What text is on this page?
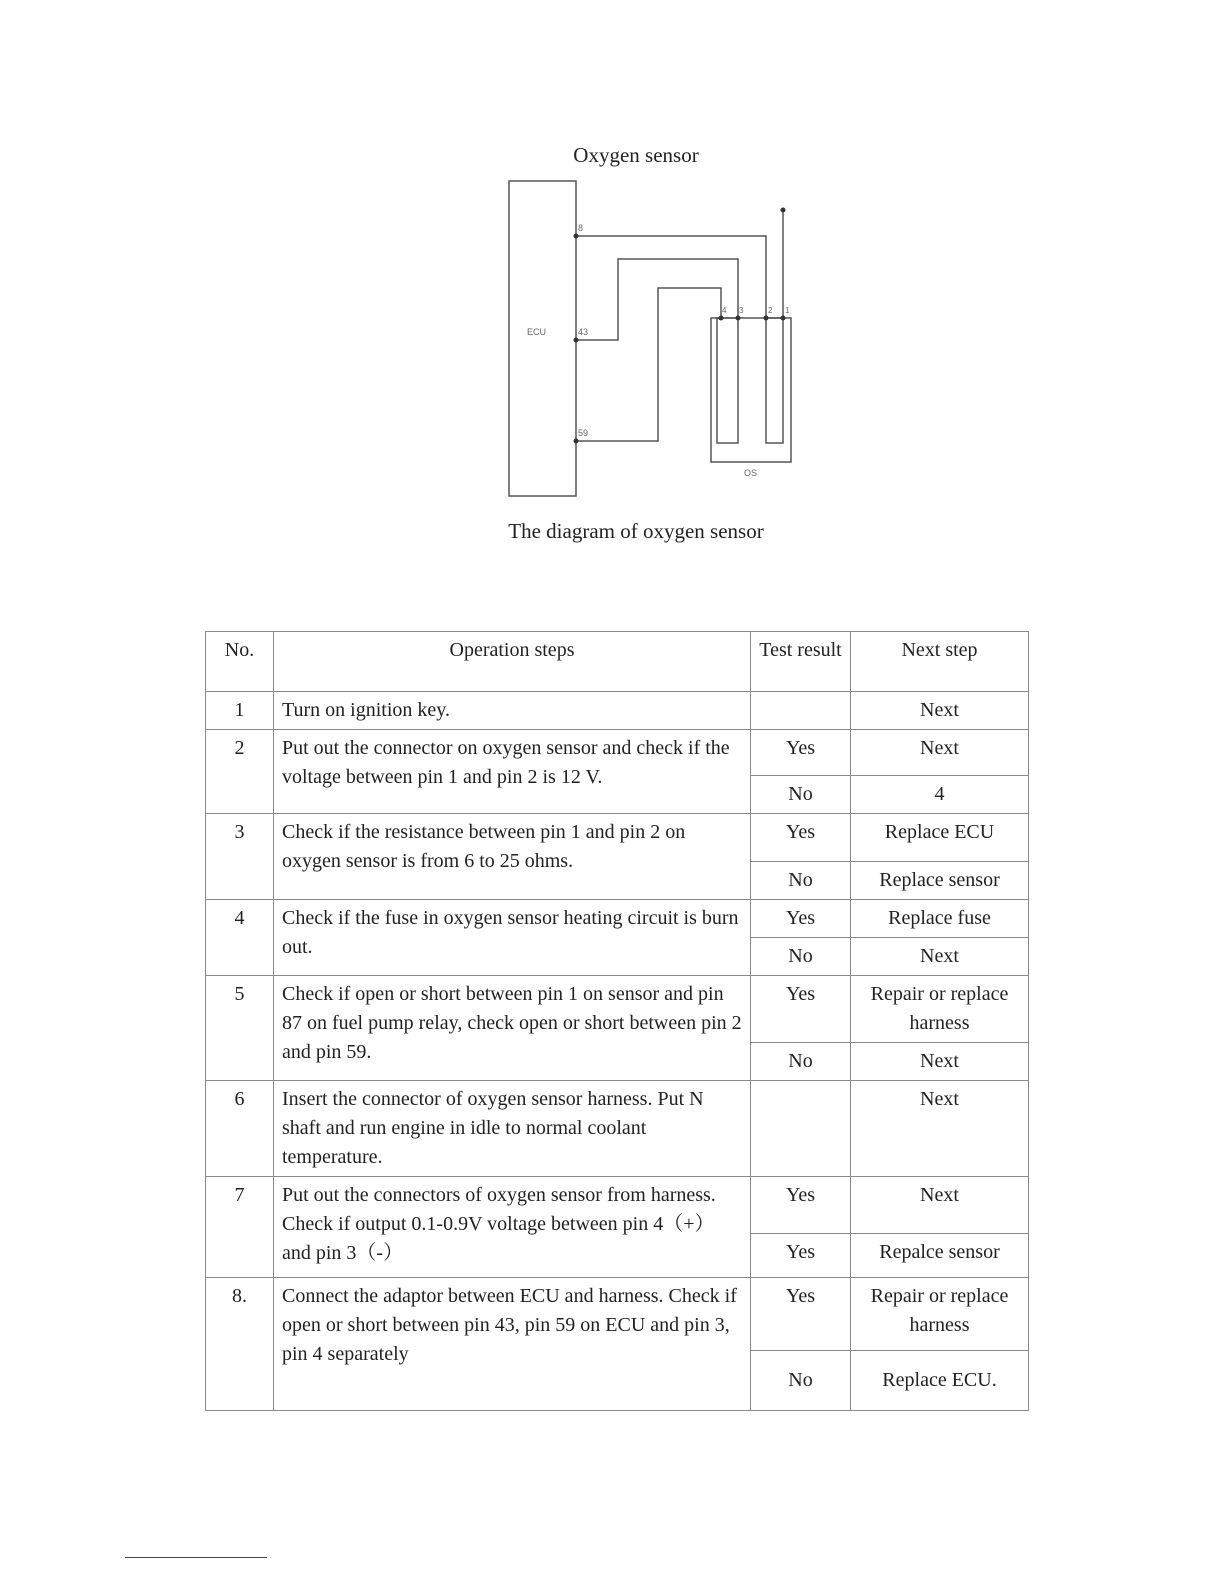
Oxygen sensor
ECU
8
43
59
4 3	2 1
OS
The diagram of oxygen sensor
No.	Operation steps	Test result	Next step
1	Turn on ignition key.		Next
2	Put out the connector on oxygen sensor and check if the voltage between pin 1 and pin 2 is 12 V.	Yes	Next
		No	4
3	Check if the resistance between pin 1 and pin 2 on oxygen sensor is from 6 to 25 ohms.	Yes	Replace ECU
		No	Replace sensor
4	Check if the fuse in oxygen sensor heating circuit is burn out.	Yes	Replace fuse
		No	Next
5	Check if open or short between pin 1 on sensor and pin 87 on fuel pump relay, check open or short between pin 2 and pin 59.	Yes	Repair or replace harness
		No	Next
6	Insert the connector of oxygen sensor harness. Put N shaft and run engine in idle to normal coolant temperature.		Next
7	Put out the connectors of oxygen sensor from harness. Check if output 0.1-0.9V voltage between pin 4（+） and pin 3（-）	Yes	Next
		Yes	Repalce sensor
8.	Connect the adaptor between ECU and harness. Check if open or short between pin 43, pin 59 on ECU and pin 3, pin 4 separately	Yes	Repair or replace harness
		No	Replace ECU.
